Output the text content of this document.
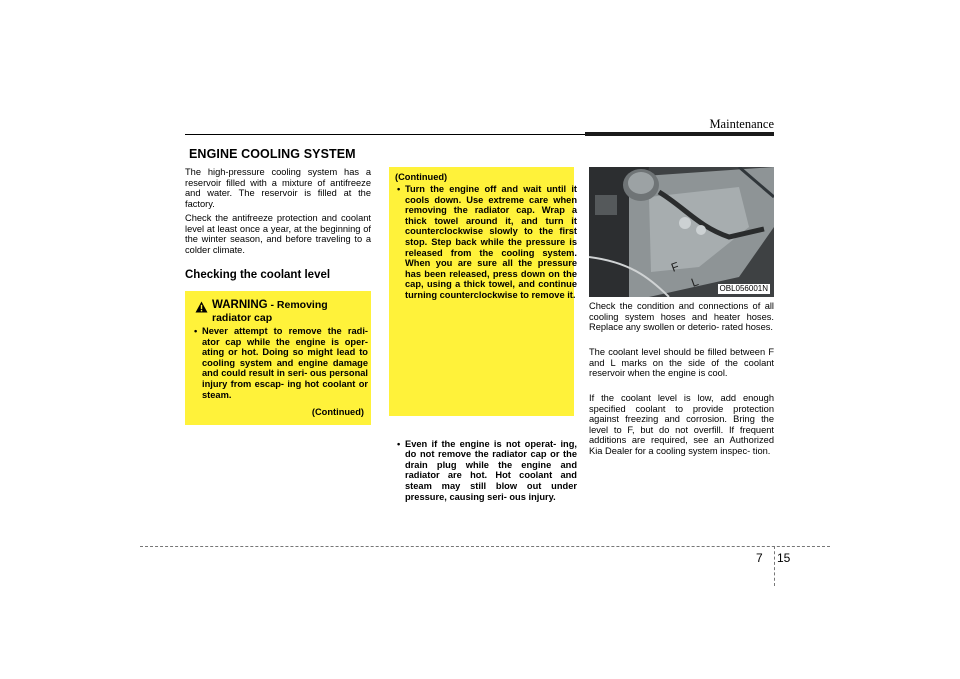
Maintenance
ENGINE COOLING SYSTEM
The high-pressure cooling system has a reservoir filled with a mixture of antifreeze and water. The reservoir is filled at the factory.
Check the antifreeze protection and coolant level at least once a year, at the beginning of the winter season, and before traveling to a colder climate.
Checking the coolant level
WARNING - Removing
radiator cap
• Never attempt to remove the radi- ator cap while the engine is oper- ating or hot. Doing so might lead to cooling system and engine damage and could result in seri- ous personal injury from escap- ing hot coolant or steam.
(Continued)
(Continued)
• Turn the engine off and wait until it cools down. Use extreme care when removing the radiator cap. Wrap a thick towel around it, and turn it counterclockwise slowly to the first stop. Step back while the pressure is released from the cooling system. When you are sure all the pressure has been released, press down on the cap, using a thick towel, and continue turning counterclockwise to remove it.
• Even if the engine is not operat- ing, do not remove the radiator cap or the drain plug while the engine and radiator are hot. Hot coolant and steam may still blow out under pressure, causing seri- ous injury.
F
L OBL056001N
Check the condition and connections of all cooling system hoses and heater hoses. Replace any swollen or deterio- rated hoses.
The coolant level should be filled between F and L marks on the side of the coolant reservoir when the engine is cool.
If the coolant level is low, add enough specified coolant to provide protection against freezing and corrosion. Bring the level to F, but do not overfill. If frequent additions are required, see an Authorized Kia Dealer for a cooling system inspec- tion.
7 15
